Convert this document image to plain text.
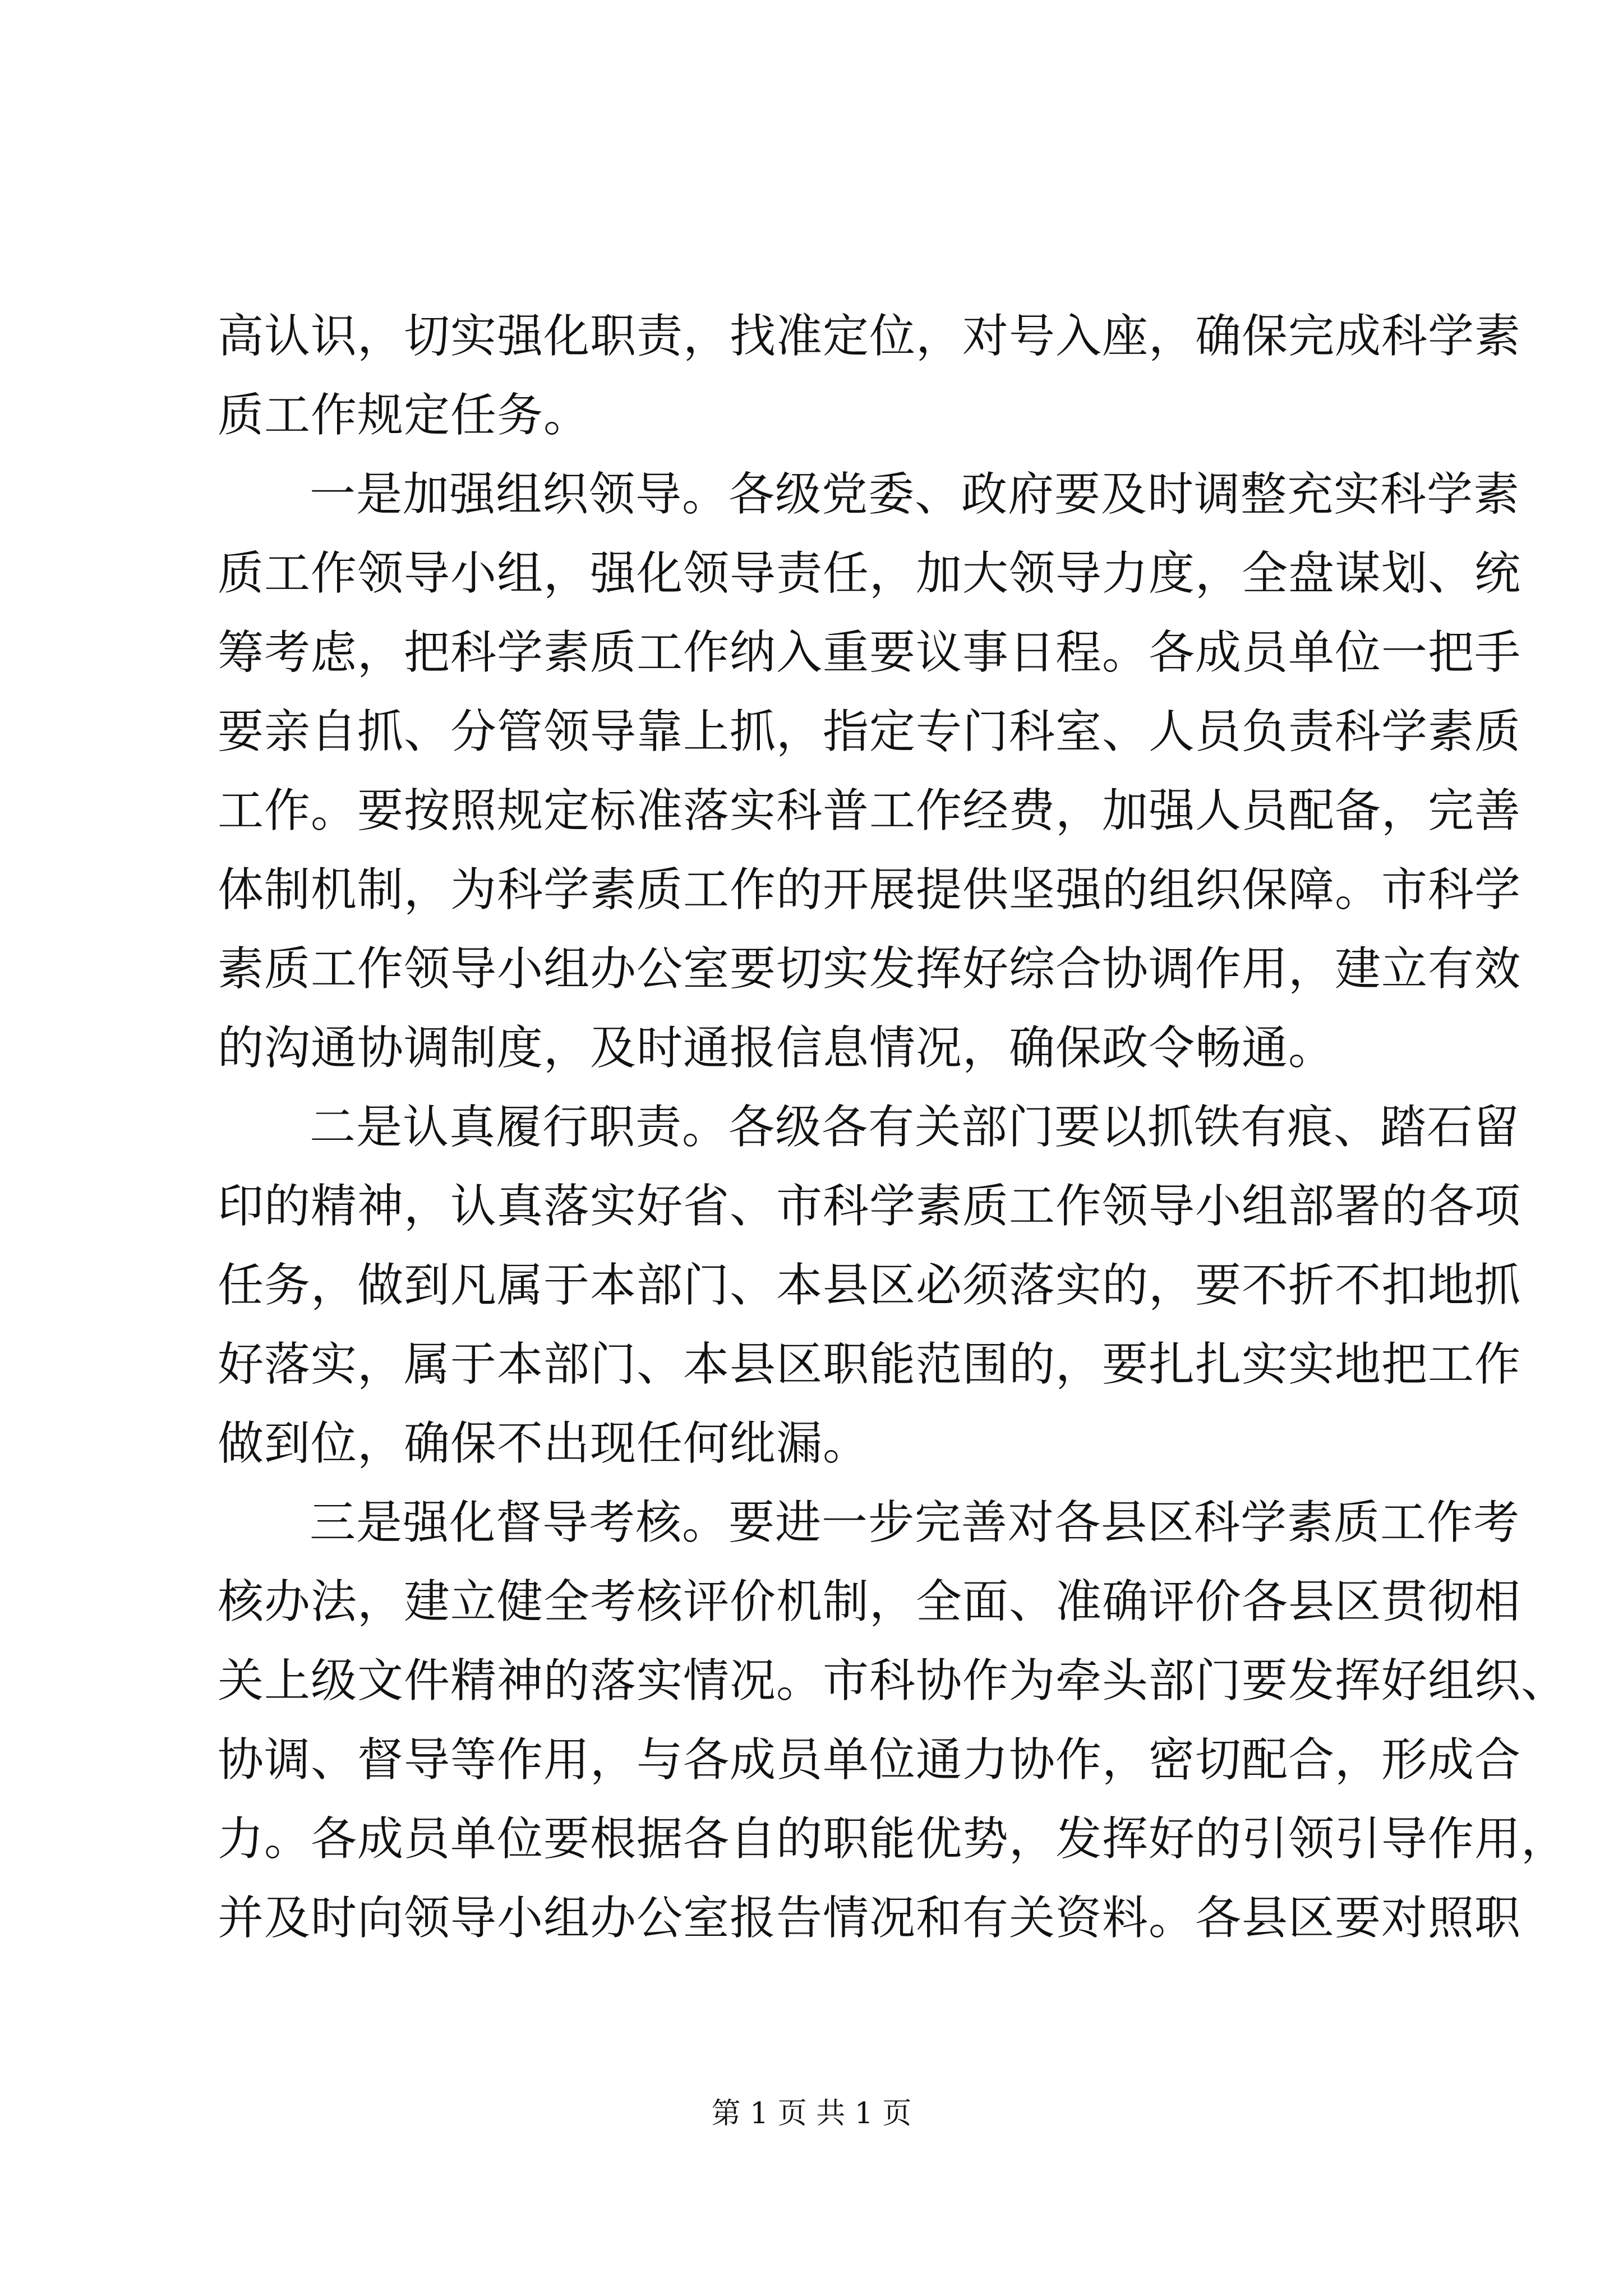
高认识，切实强化职责，找准定位，对号入座，确保完成科学素
质工作规定任务。
一是加强组织领导。各级党委、政府要及时调整充实科学素
质工作领导小组，强化领导责任，加大领导力度，全盘谋划、统
筹考虑，把科学素质工作纳入重要议事日程。各成员单位一把手
要亲自抓、分管领导靠上抓，指定专门科室、人员负责科学素质
工作。要按照规定标准落实科普工作经费，加强人员配备，完善
体制机制，为科学素质工作的开展提供坚强的组织保障。市科学
素质工作领导小组办公室要切实发挥好综合协调作用，建立有效
的沟通协调制度，及时通报信息情况，确保政令畅通。
二是认真履行职责。各级各有关部门要以抓铁有痕、踏石留
印的精神，认真落实好省、市科学素质工作领导小组部署的各项
任务，做到凡属于本部门、本县区必须落实的，要不折不扣地抓
好落实，属于本部门、本县区职能范围的，要扎扎实实地把工作
做到位，确保不出现任何纰漏。
三是强化督导考核。要进一步完善对各县区科学素质工作考
核办法，建立健全考核评价机制，全面、准确评价各县区贯彻相
关上级文件精神的落实情况。市科协作为牵头部门要发挥好组织、
协调、督导等作用，与各成员单位通力协作，密切配合，形成合
力。各成员单位要根据各自的职能优势，发挥好的引领引导作用，
并及时向领导小组办公室报告情况和有关资料。各县区要对照职
第 1 页 共 1 页
